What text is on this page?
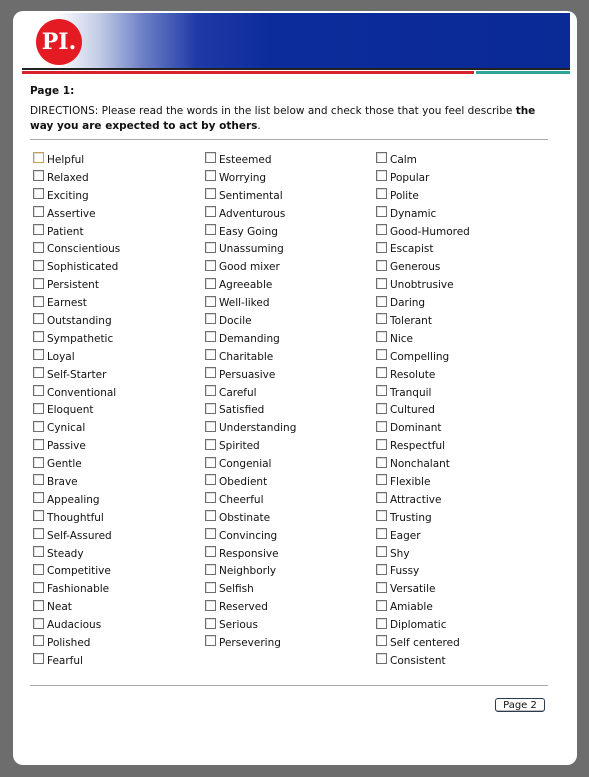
PI.
Page 1:
DIRECTIONS: Please read the words in the list below and check those that you feel describe the way you are expected to act by others.
Helpful
Relaxed
Exciting
Assertive
Patient
Conscientious
Sophisticated
Persistent
Earnest
Outstanding
Sympathetic
Loyal
Self-Starter
Conventional
Eloquent
Cynical
Passive
Gentle
Brave
Appealing
Thoughtful
Self-Assured
Steady
Competitive
Fashionable
Neat
Audacious
Polished
Fearful
Esteemed
Worrying
Sentimental
Adventurous
Easy Going
Unassuming
Good mixer
Agreeable
Well-liked
Docile
Demanding
Charitable
Persuasive
Careful
Satisfied
Understanding
Spirited
Congenial
Obedient
Cheerful
Obstinate
Convincing
Responsive
Neighborly
Selfish
Reserved
Serious
Persevering
Calm
Popular
Polite
Dynamic
Good-Humored
Escapist
Generous
Unobtrusive
Daring
Tolerant
Nice
Compelling
Resolute
Tranquil
Cultured
Dominant
Respectful
Nonchalant
Flexible
Attractive
Trusting
Eager
Shy
Fussy
Versatile
Amiable
Diplomatic
Self centered
Consistent
Page 2
